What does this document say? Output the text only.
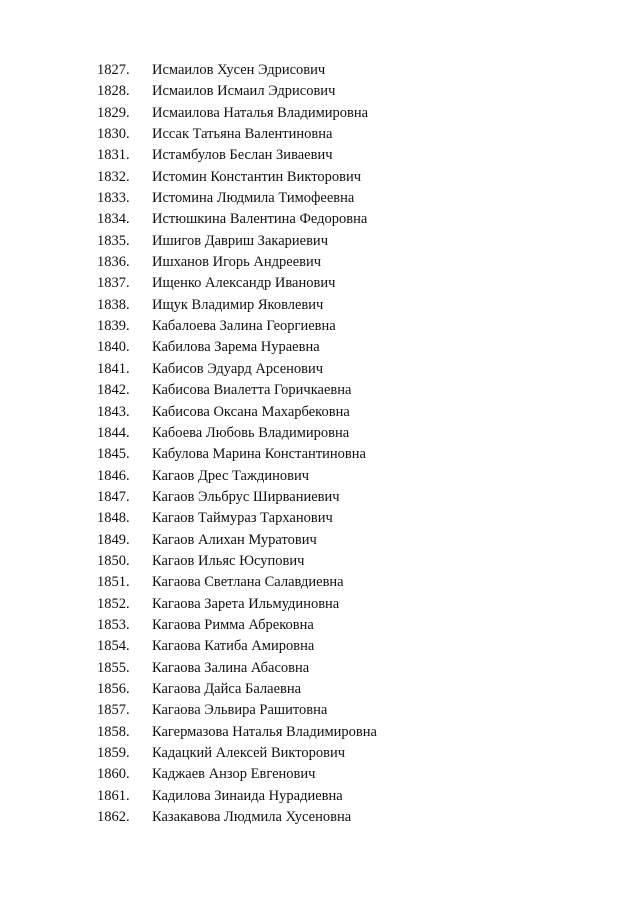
1827.	Исмаилов Хусен Эдрисович
1828.	Исмаилов Исмаил Эдрисович
1829.	Исмаилова Наталья Владимировна
1830.	Иссак Татьяна Валентиновна
1831.	Истамбулов Беслан Зиваевич
1832.	Истомин Константин Викторович
1833.	Истомина Людмила Тимофеевна
1834.	Истюшкина Валентина Федоровна
1835.	Ишигов Давриш Закариевич
1836.	Ишханов Игорь Андреевич
1837.	Ищенко Александр Иванович
1838.	Ищук Владимир Яковлевич
1839.	Кабалоева Залина Георгиевна
1840.	Кабилова Зарема Нураевна
1841.	Кабисов Эдуард Арсенович
1842.	Кабисова Виалетта Горичкаевна
1843.	Кабисова Оксана Махарбековна
1844.	Кабоева Любовь Владимировна
1845.	Кабулова Марина Константиновна
1846.	Кагаов Дрес Таждинович
1847.	Кагаов Эльбрус Ширваниевич
1848.	Кагаов Таймураз Тарханович
1849.	Кагаов Алихан Муратович
1850.	Кагаов Ильяс Юсупович
1851.	Кагаова Светлана Салавдиевна
1852.	Кагаова Зарета Ильмудиновна
1853.	Кагаова Римма Абрековна
1854.	Кагаова Катиба Амировна
1855.	Кагаова Залина Абасовна
1856.	Кагаова Дайса Балаевна
1857.	Кагаова Эльвира Рашитовна
1858.	Кагермазова Наталья Владимировна
1859.	Кадацкий Алексей Викторович
1860.	Каджаев Анзор Евгенович
1861.	Кадилова Зинаида Нурадиевна
1862.	Казакавова Людмила Хусеновна
